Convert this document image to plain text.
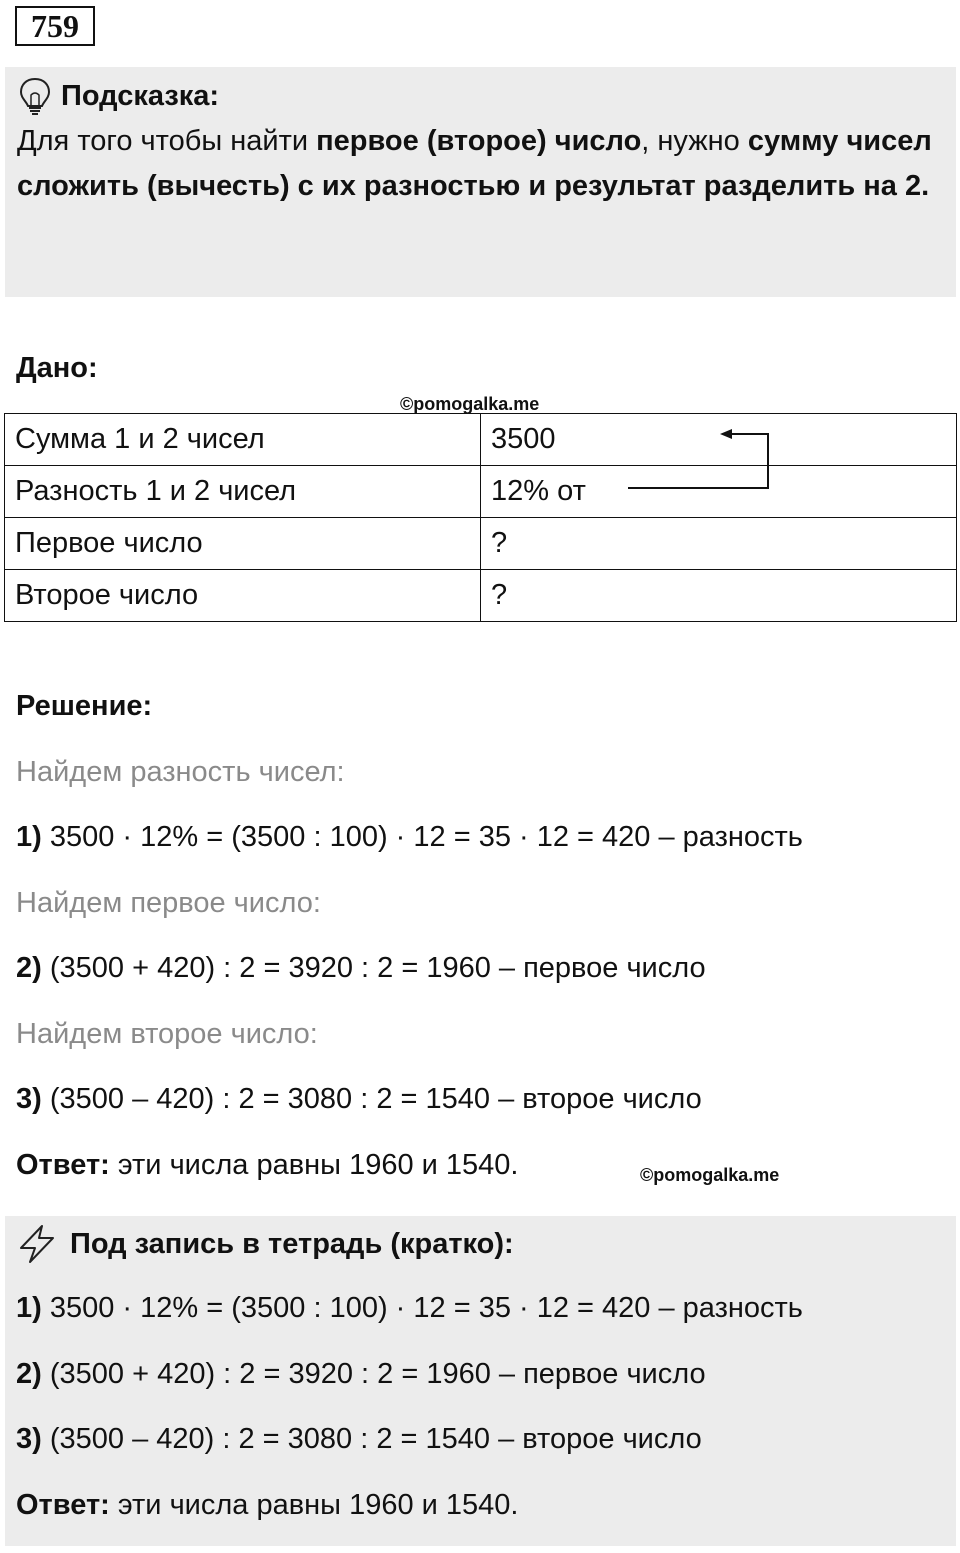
759
Подсказка:
Для того чтобы найти первое (второе) число, нужно сумму чисел сложить (вычесть) с их разностью и результат разделить на 2.
Дано:
©pomogalka.me
Сумма 1 и 2 чисел	3500
Разность 1 и 2 чисел	12% от
Первое число	?
Второе число	?
Решение:
Найдем разность чисел:
1) 3500 · 12% = (3500 : 100) · 12 = 35 · 12 = 420 – разность
Найдем первое число:
2) (3500 + 420) : 2 = 3920 : 2 = 1960 – первое число
Найдем второе число:
3) (3500 – 420) : 2 = 3080 : 2 = 1540 – второе число
Ответ: эти числа равны 1960 и 1540.	©pomogalka.me
Под запись в тетрадь (кратко):
1) 3500 · 12% = (3500 : 100) · 12 = 35 · 12 = 420 – разность
2) (3500 + 420) : 2 = 3920 : 2 = 1960 – первое число
3) (3500 – 420) : 2 = 3080 : 2 = 1540 – второе число
Ответ: эти числа равны 1960 и 1540.
